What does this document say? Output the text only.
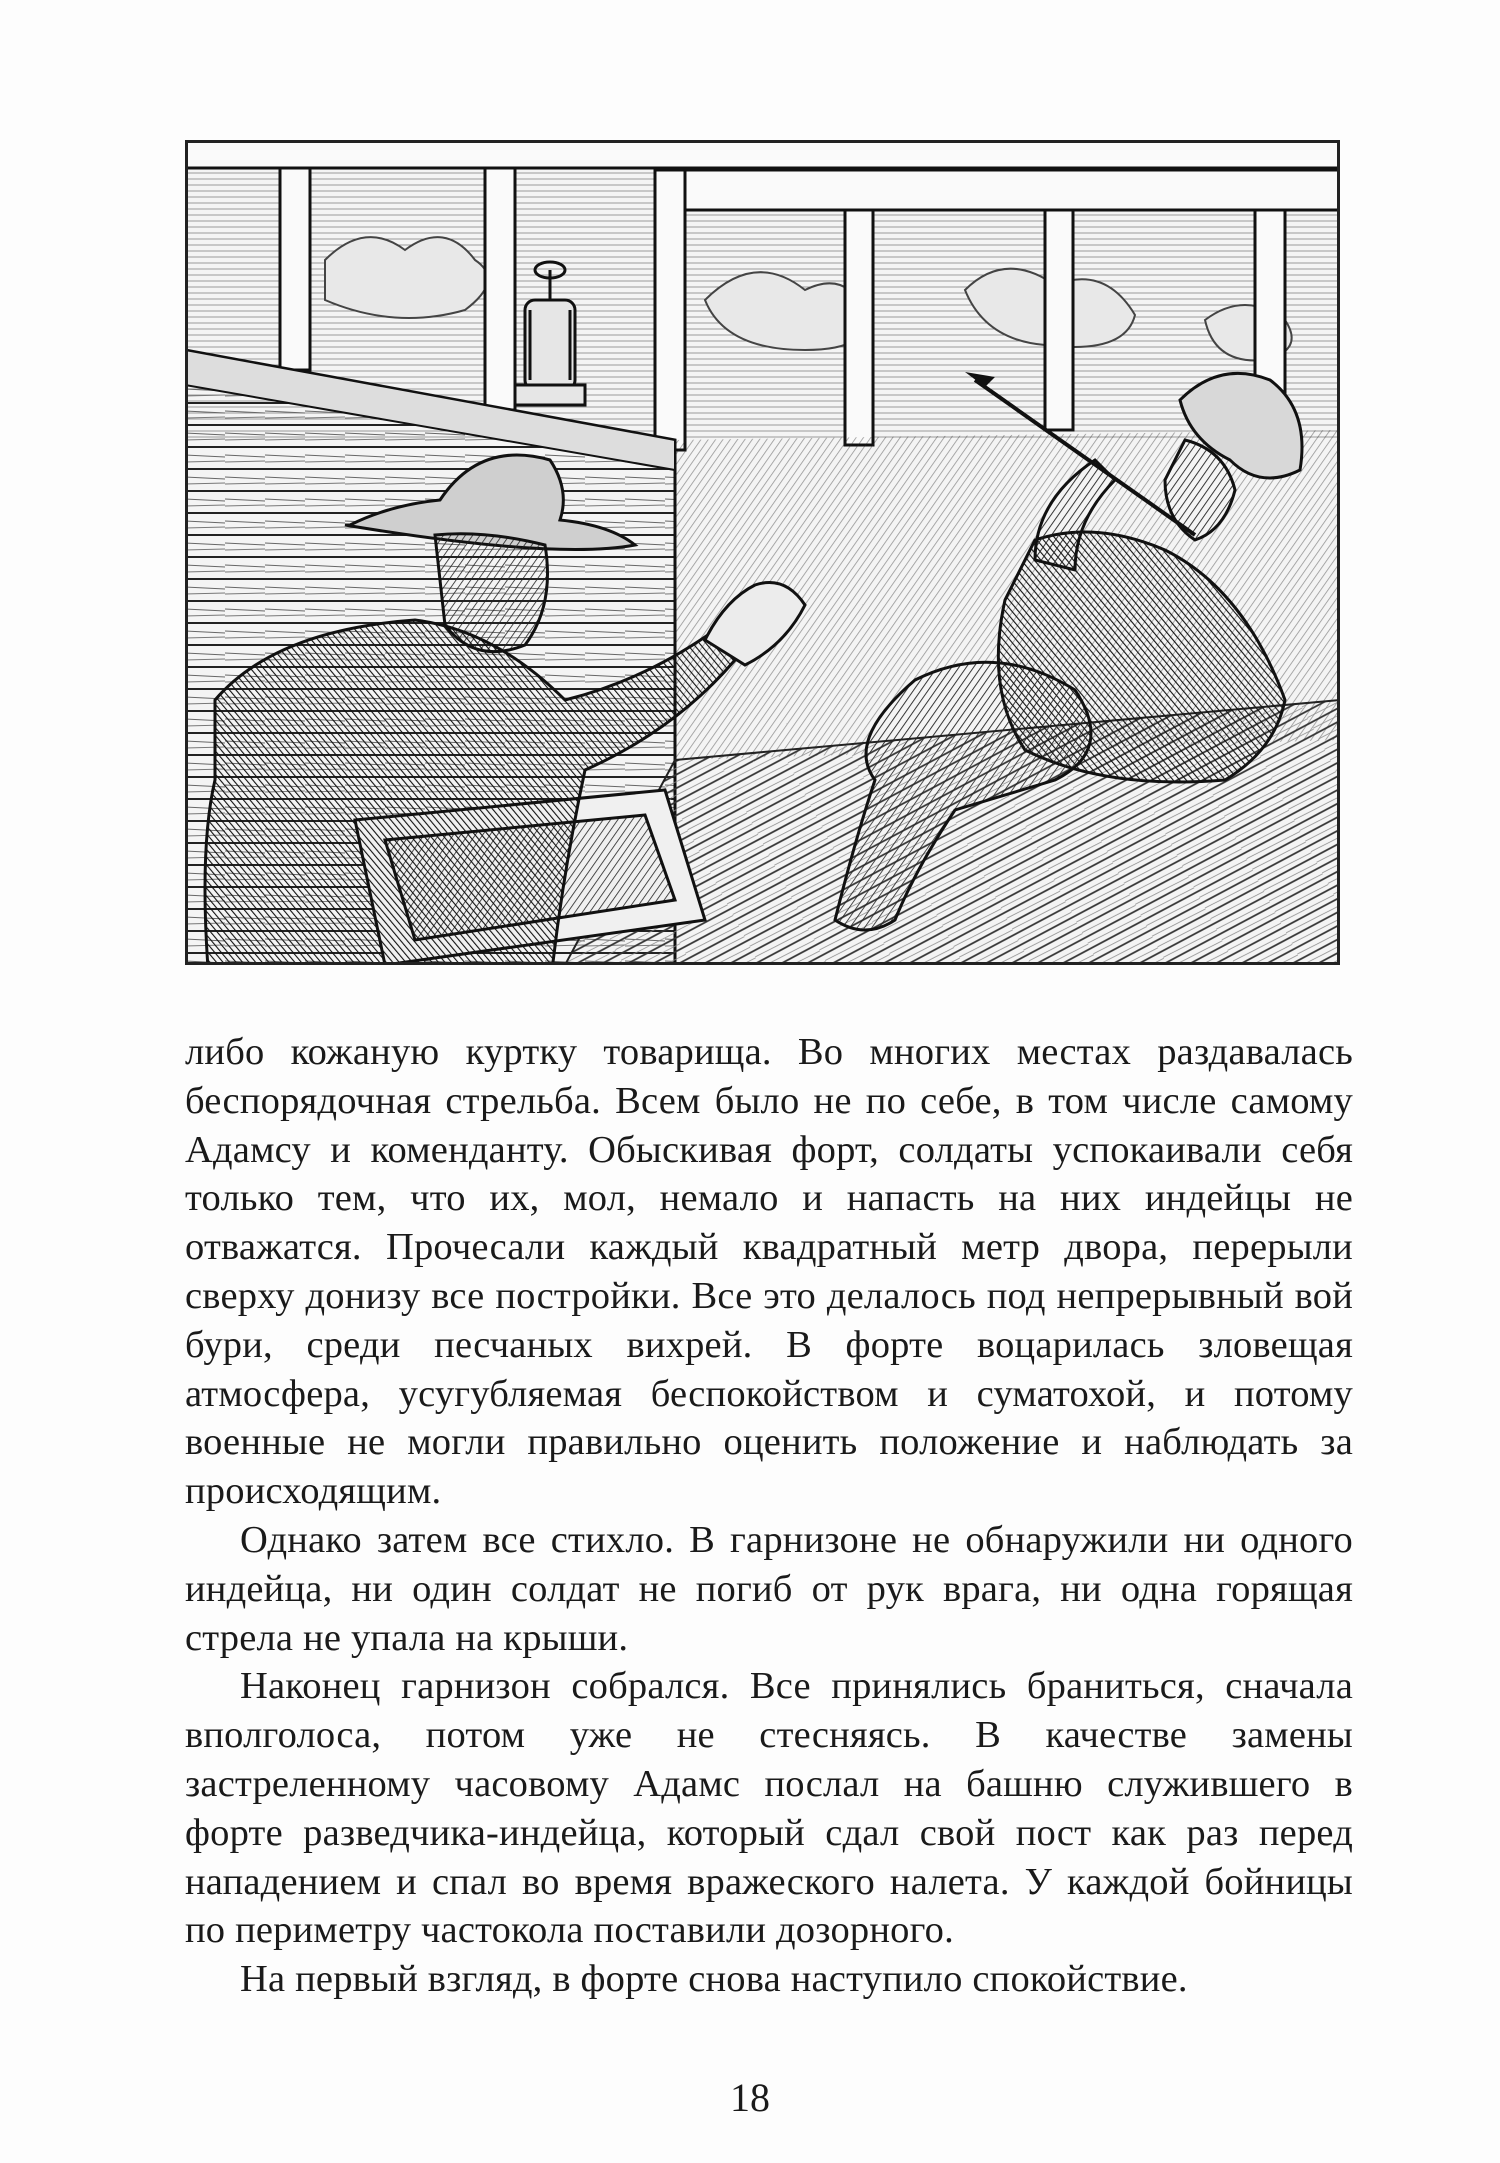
либо кожаную куртку товарища. Во многих местах раздавалась беспорядочная стрельба. Всем было не по себе, в том числе самому Адамсу и коменданту. Обыскивая форт, солдаты успокаивали себя только тем, что их, мол, немало и напасть на них индейцы не отважатся. Прочесали каждый квадратный метр двора, перерыли сверху донизу все постройки. Все это делалось под непрерывный вой бури, среди песчаных вихрей. В форте воцарилась зловещая атмосфера, усугубляемая беспокойством и суматохой, и потому военные не могли правильно оценить положение и наблюдать за происходящим.

Однако затем все стихло. В гарнизоне не обнаружили ни одного индейца, ни один солдат не погиб от рук врага, ни одна горящая стрела не упала на крыши.

Наконец гарнизон собрался. Все принялись браниться, сначала вполголоса, потом уже не стесняясь. В качестве замены застреленному часовому Адамс послал на башню служившего в форте разведчика-индейца, который сдал свой пост как раз перед нападением и спал во время вражеского налета. У каждой бойницы по периметру частокола поставили дозорного.

На первый взгляд, в форте снова наступило спокойствие.

18
